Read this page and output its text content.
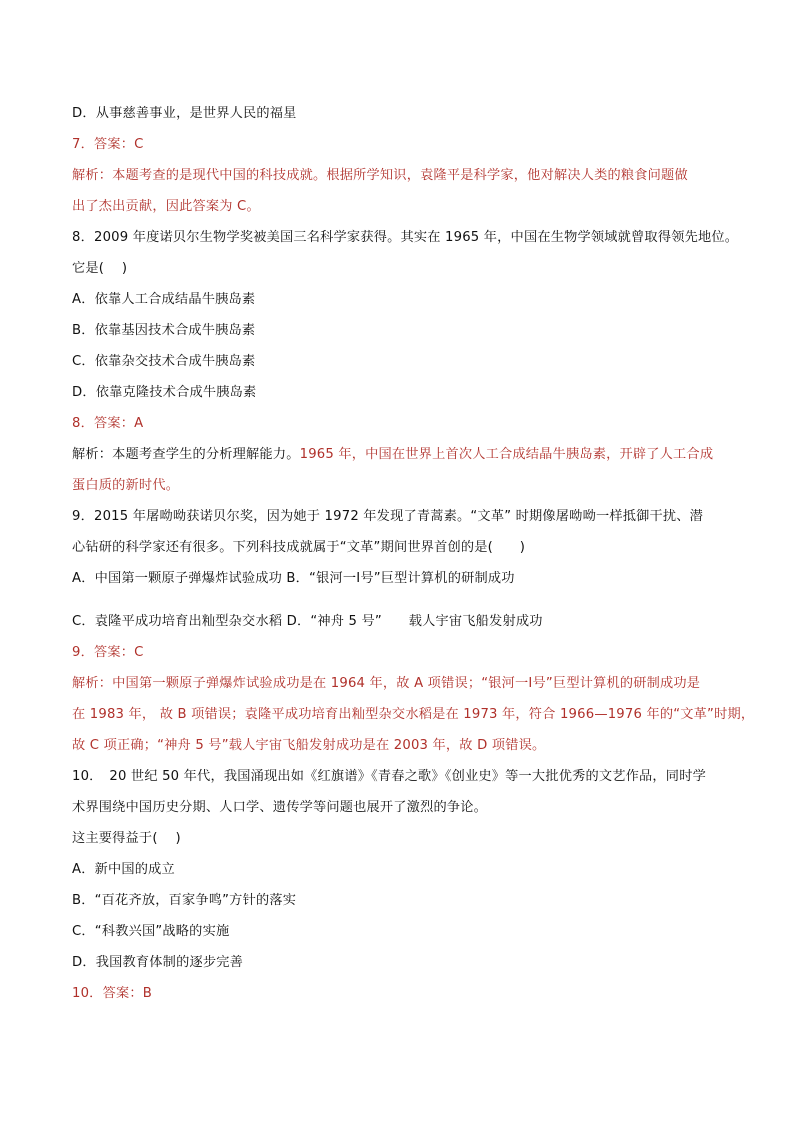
D．从事慈善事业，是世界人民的福星
7．答案：C
解析：本题考查的是现代中国的科技成就。根据所学知识，袁隆平是科学家，他对解决人类的粮食问题做
出了杰出贡献，因此答案为 C。
8．2009 年度诺贝尔生物学奖被美国三名科学家获得。其实在 1965 年，中国在生物学领域就曾取得领先地位。
它是(　 )
A．依靠人工合成结晶牛胰岛素
B．依靠基因技术合成牛胰岛素
C．依靠杂交技术合成牛胰岛素
D．依靠克隆技术合成牛胰岛素
8．答案：A
解析：本题考查学生的分析理解能力。1965 年，中国在世界上首次人工合成结晶牛胰岛素，开辟了人工合成
蛋白质的新时代。
9．2015 年屠呦呦获诺贝尔奖，因为她于 1972 年发现了青蒿素。“文革” 时期像屠呦呦一样抵御干扰、潜
心钻研的科学家还有很多。下列科技成就属于“文革”期间世界首创的是(　　)
A．中国第一颗原子弹爆炸试验成功 B．“银河一Ⅰ号”巨型计算机的研制成功
C．袁隆平成功培育出籼型杂交水稻 D．“神舟 5 号”　　载人宇宙飞船发射成功
9．答案：C
解析：中国第一颗原子弹爆炸试验成功是在 1964 年，故 A 项错误；“银河一Ⅰ号”巨型计算机的研制成功是
在 1983 年， 故 B 项错误；袁隆平成功培育出籼型杂交水稻是在 1973 年，符合 1966—1976 年的“文革”时期，
故 C 项正确；“神舟 5 号”载人宇宙飞船发射成功是在 2003 年，故 D 项错误。
10．　20 世纪 50 年代，我国涌现出如《红旗谱》《青春之歌》《创业史》等一大批优秀的文艺作品，同时学
术界围绕中国历史分期、人口学、遗传学等问题也展开了激烈的争论。
这主要得益于(　 )
A．新中国的成立
B．“百花齐放，百家争鸣”方针的落实
C．“科教兴国”战略的实施
D．我国教育体制的逐步完善
10．答案：B
